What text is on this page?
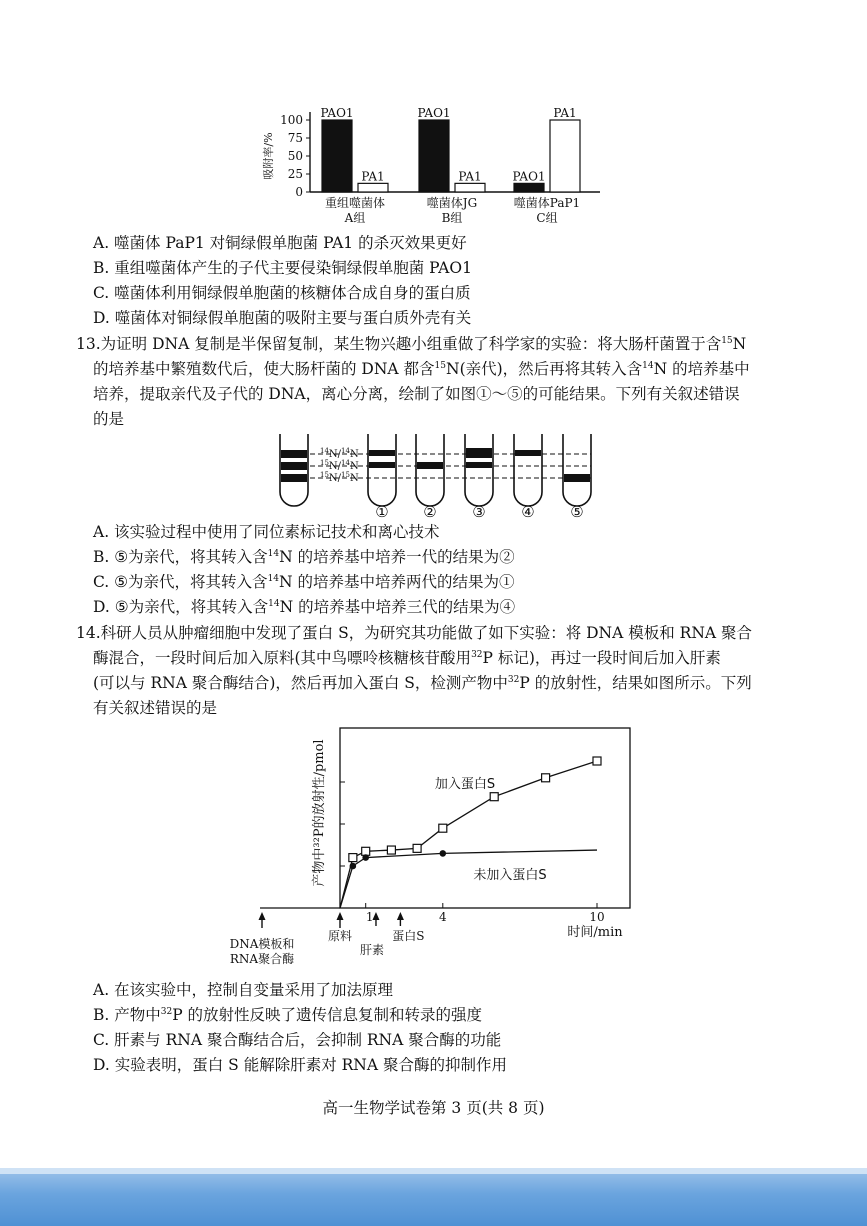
100
75
50
25
0
吸附率/%
PAO1
PA1
重组噬菌体
A组
PAO1
PA1
噬菌体JG
B组
PAO1
PA1
噬菌体PaP1
C组
A. 噬菌体 PaP1 对铜绿假单胞菌 PA1 的杀灭效果更好
B. 重组噬菌体产生的子代主要侵染铜绿假单胞菌 PAO1
C. 噬菌体利用铜绿假单胞菌的核糖体合成自身的蛋白质
D. 噬菌体对铜绿假单胞菌的吸附主要与蛋白质外壳有关
13.为证明 DNA 复制是半保留复制，某生物兴趣小组重做了科学家的实验：将大肠杆菌置于含$^{15}$N
的培养基中繁殖数代后，使大肠杆菌的 DNA 都含$^{15}$N(亲代)，然后再将其转入含$^{14}$N 的培养基中
培养，提取亲代及子代的 DNA，离心分离，绘制了如图①～⑤的可能结果。下列有关叙述错误
的是
$^{14}$N/$^{14}$N
$^{15}$N/$^{14}$N
$^{15}$N/$^{15}$N
① ② ③ ④ ⑤
A. 该实验过程中使用了同位素标记技术和离心技术
B. ⑤为亲代，将其转入含$^{14}$N 的培养基中培养一代的结果为②
C. ⑤为亲代，将其转入含$^{14}$N 的培养基中培养两代的结果为①
D. ⑤为亲代，将其转入含$^{14}$N 的培养基中培养三代的结果为④
14.科研人员从肿瘤细胞中发现了蛋白 S，为研究其功能做了如下实验：将 DNA 模板和 RNA 聚合
酶混合，一段时间后加入原料(其中鸟嘌呤核糖核苷酸用$^{32}$P 标记)，再过一段时间后加入肝素
(可以与 RNA 聚合酶结合)，然后再加入蛋白 S，检测产物中$^{32}$P 的放射性，结果如图所示。下列
有关叙述错误的是
1	4	10
产物中³²P的放射性/pmol
时间/min
DNA模板和
RNA聚合酶
原料
肝素
蛋白S
加入蛋白S
未加入蛋白S
A. 在该实验中，控制自变量采用了加法原理
B. 产物中$^{32}$P 的放射性反映了遗传信息复制和转录的强度
C. 肝素与 RNA 聚合酶结合后，会抑制 RNA 聚合酶的功能
D. 实验表明，蛋白 S 能解除肝素对 RNA 聚合酶的抑制作用
高一生物学试卷第 3 页(共 8 页)
